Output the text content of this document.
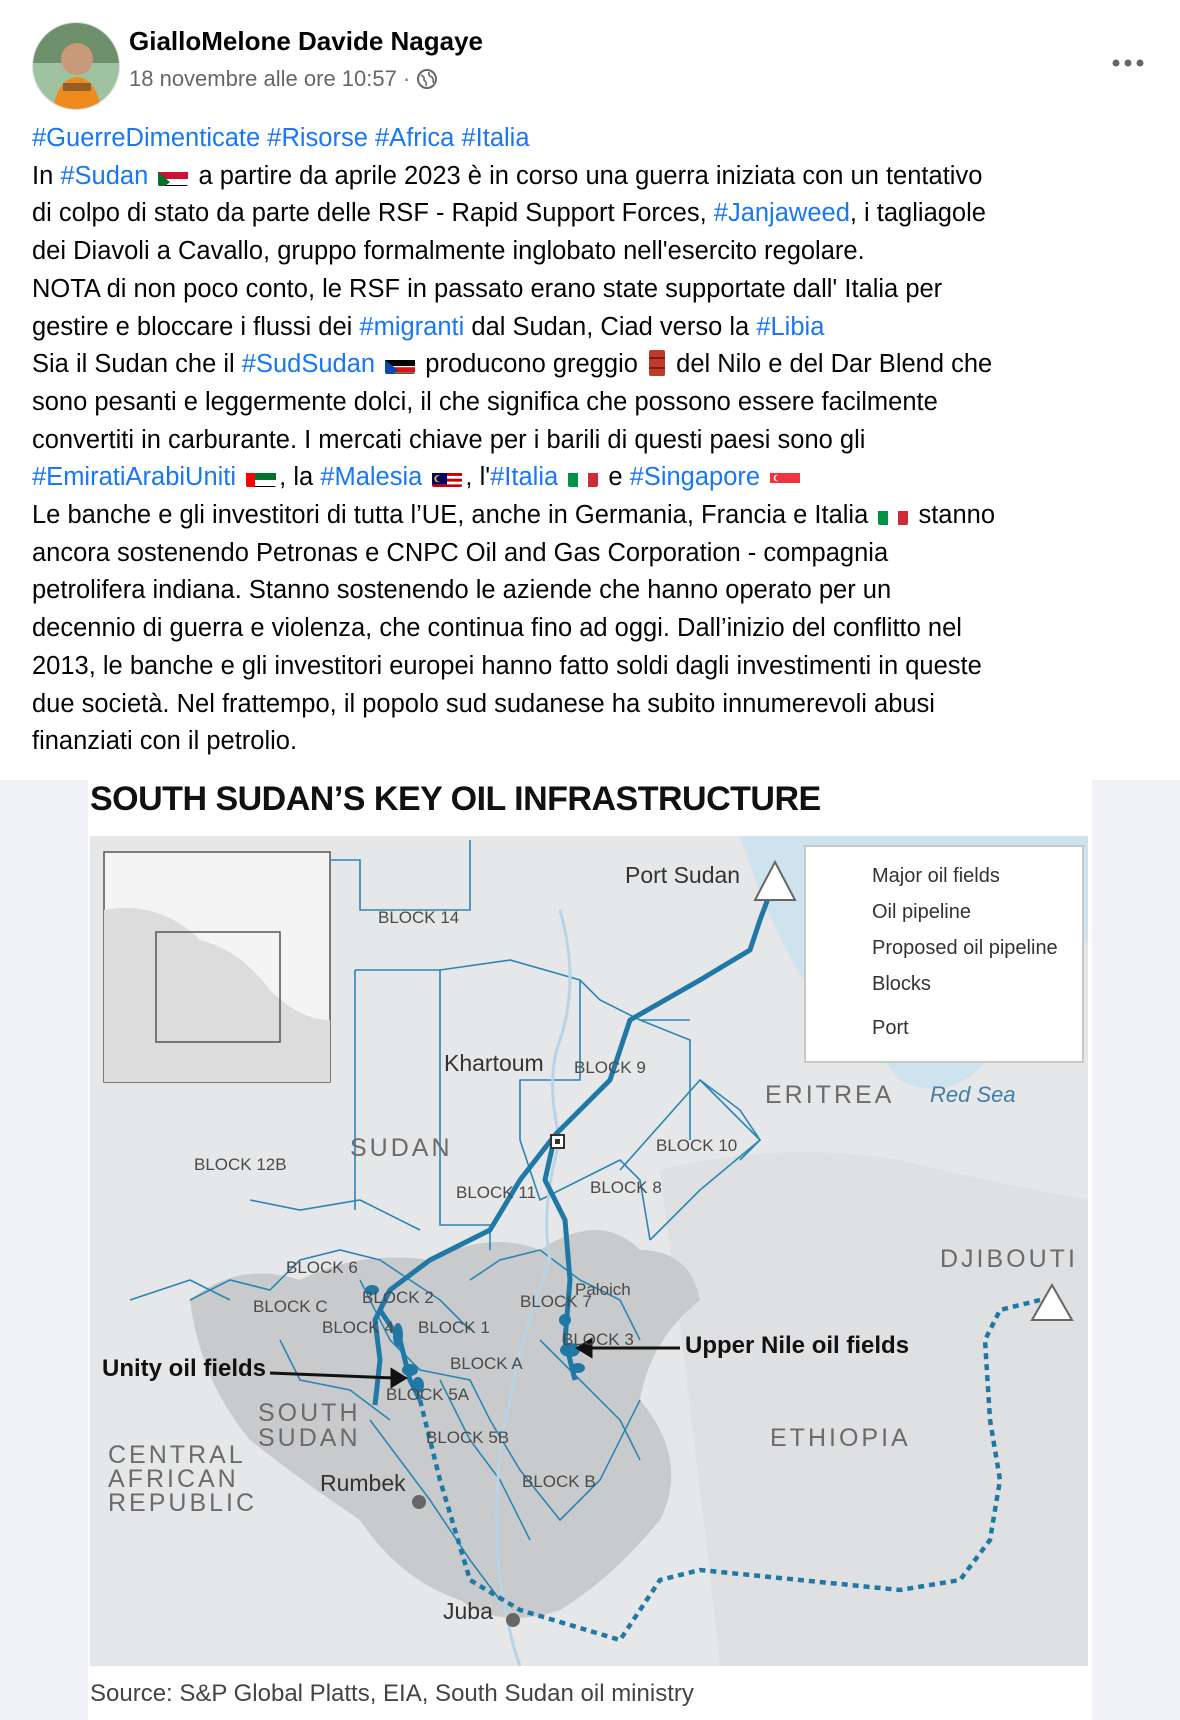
GialloMelone Davide Nagaye
18 novembre alle ore 10:57 ·

#GuerreDimenticate #Risorse #Africa #Italia

In #Sudan  a partire da aprile 2023 è in corso una guerra iniziata con un tentativo

di colpo di stato da parte delle RSF - Rapid Support Forces, #Janjaweed, i tagliagole

dei Diavoli a Cavallo, gruppo formalmente inglobato nell'esercito regolare.

NOTA di non poco conto, le RSF in passato erano state supportate dall' Italia per

gestire e bloccare i flussi dei #migranti dal Sudan, Ciad verso la #Libia

Sia il Sudan che il #SudSudan  producono greggio  del Nilo e del Dar Blend che

sono pesanti e leggermente dolci, il che significa che possono essere facilmente

convertiti in carburante. I mercati chiave per i barili di questi paesi sono gli

#EmiratiArabiUniti , la #Malesia , l'#Italia  e #Singapore

Le banche e gli investitori di tutta l’UE, anche in Germania, Francia e Italia  stanno

ancora sostenendo Petronas e CNPC Oil and Gas Corporation - compagnia

petrolifera indiana. Stanno sostenendo le aziende che hanno operato per un

decennio di guerra e violenza, che continua fino ad oggi. Dall’inizio del conflitto nel

2013, le banche e gli investitori europei hanno fatto soldi dagli investimenti in queste

due società. Nel frattempo, il popolo sud sudanese ha subito innumerevoli abusi

finanziati con il petrolio.

SOUTH SUDAN’S KEY OIL INFRASTRUCTURE
Major oil fields
Oil pipeline
Proposed oil pipeline
Blocks
Port
Port Sudan
Khartoum
SUDAN
ERITREA Red Sea
DJIBOUTI
ETHIOPIA
SOUTH
SUDAN
CENTRAL
AFRICAN
REPUBLIC
Rumbek
Juba
Paloich
Unity oil fields
Upper Nile oil fields
BLOCK 14
BLOCK 9
BLOCK 10
BLOCK 12B
BLOCK 11	BLOCK 8
BLOCK 6
BLOCK 2
BLOCK C
BLOCK 4 BLOCK 1
BLOCK 7
BLOCK 3
BLOCK A
BLOCK 5A
BLOCK 5B
BLOCK B
Source: S&P Global Platts, EIA, South Sudan oil ministry
